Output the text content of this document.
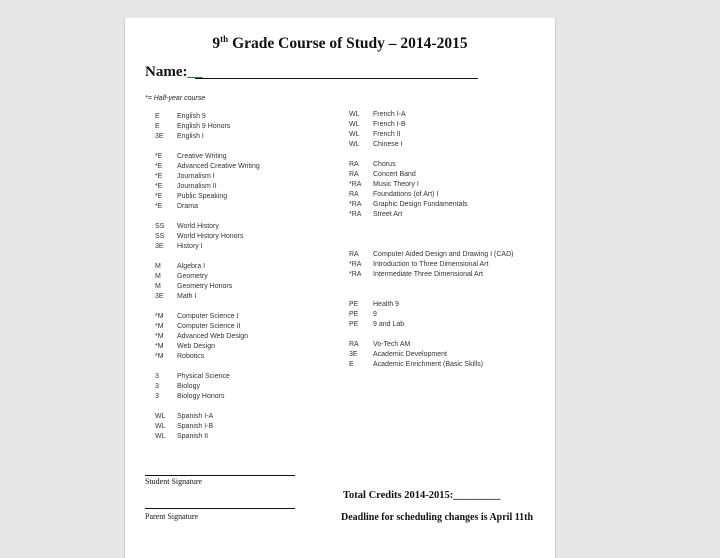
9th Grade Course of Study – 2014-2015
Name:__
*= Half-year course
E English 9
E English 9 Honors
3E English I
*E Creative Writing
*E Advanced Creative Writing
*E Journalism I
*E Journalism II
*E Public Speaking
*E Drama
SS World History
SS World History Honors
3E History I
M Algebra I
M Geometry
M Geometry Honors
3E Math I
*M Computer Science I
*M Computer Science II
*M Advanced Web Design
*M Web Design
*M Robotics
3	Physical Science
3	Biology
3	Biology Honors
WL Spanish I-A
WL Spanish I-B
WL Spanish II
WL French I-A
WL French I-B
WL French II
WL Chinese I
RA Chorus
RA Concert Band
*RA Music Theory I
RA Foundations (of Art) I
*RA Graphic Design Fundamentals
*RA Street Art
RA Computer Aided Design and Drawing I (CAD)
*RA Introduction to Three Dimensional Art
*RA Intermediate Three Dimensional Art
PE Health 9
PE 9
PE 9 and Lab
RA Vo-Tech AM
3E Academic Development
E	Academic Enrichment (Basic Skills)
Student Signature
Total Credits 2014-2015:_________
Parent Signature	Deadline for scheduling changes is April 11th
